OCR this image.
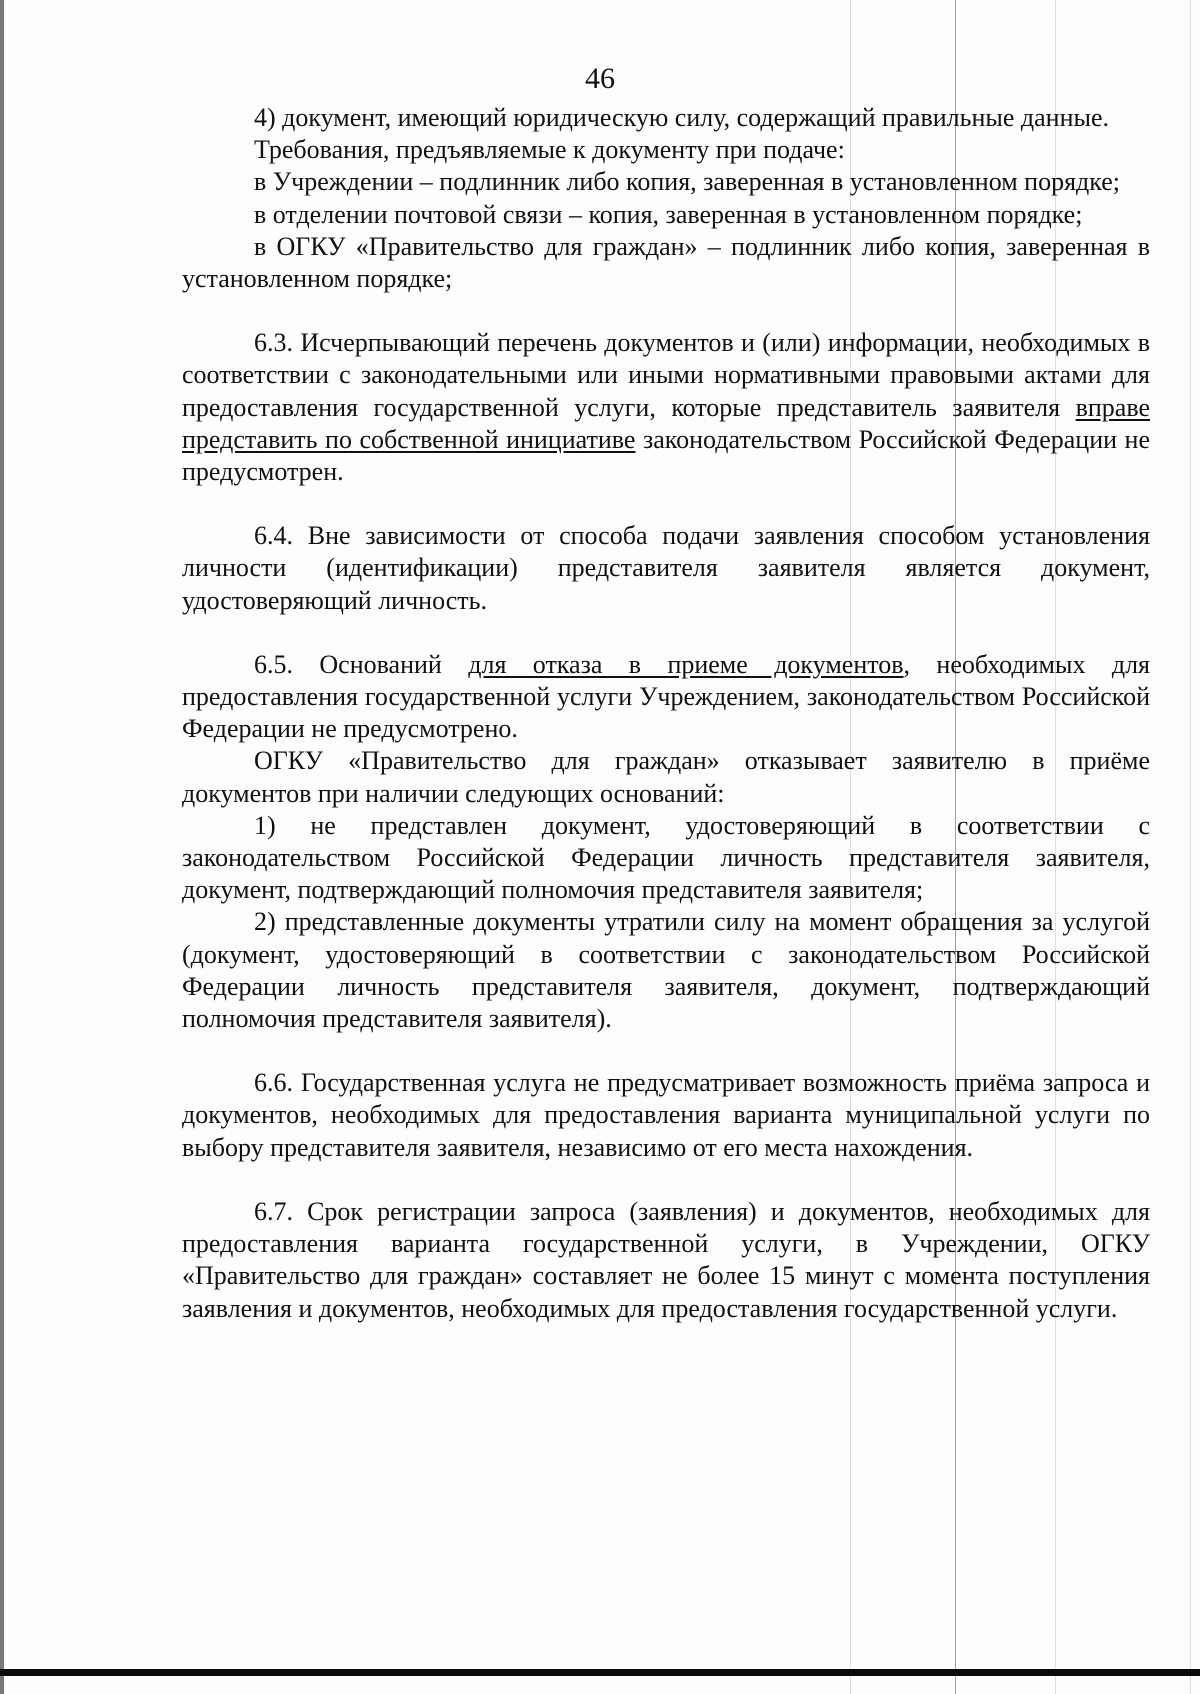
46

4) документ, имеющий юридическую силу, содержащий правильные данные.

Требования, предъявляемые к документу при подаче:

в Учреждении – подлинник либо копия, заверенная в установленном порядке;

в отделении почтовой связи – копия, заверенная в установленном порядке;

в ОГКУ «Правительство для граждан» – подлинник либо копия, заверенная в установленном порядке;

6.3. Исчерпывающий перечень документов и (или) информации, необходимых в соответствии с законодательными или иными нормативными правовыми актами для предоставления государственной услуги, которые представитель заявителя вправе представить по собственной инициативе законодательством Российской Федерации не предусмотрен.

6.4. Вне зависимости от способа подачи заявления способом установления личности (идентификации) представителя заявителя является документ, удостоверяющий личность.

6.5. Оснований для отказа в приеме документов, необходимых для предоставления государственной услуги Учреждением, законодательством Российской Федерации не предусмотрено.

ОГКУ «Правительство для граждан» отказывает заявителю в приёме документов при наличии следующих оснований:

1) не представлен документ, удостоверяющий в соответствии с законодательством Российской Федерации личность представителя заявителя, документ, подтверждающий полномочия представителя заявителя;

2) представленные документы утратили силу на момент обращения за услугой (документ, удостоверяющий в соответствии с законодательством Российской Федерации личность представителя заявителя, документ, подтверждающий полномочия представителя заявителя).

6.6. Государственная услуга не предусматривает возможность приёма запроса и документов, необходимых для предоставления варианта муниципальной услуги по выбору представителя заявителя, независимо от его места нахождения.

6.7. Срок регистрации запроса (заявления) и документов, необходимых для предоставления варианта государственной услуги, в Учреждении, ОГКУ «Правительство для граждан» составляет не более 15 минут с момента поступления заявления и документов, необходимых для предоставления государственной услуги.
